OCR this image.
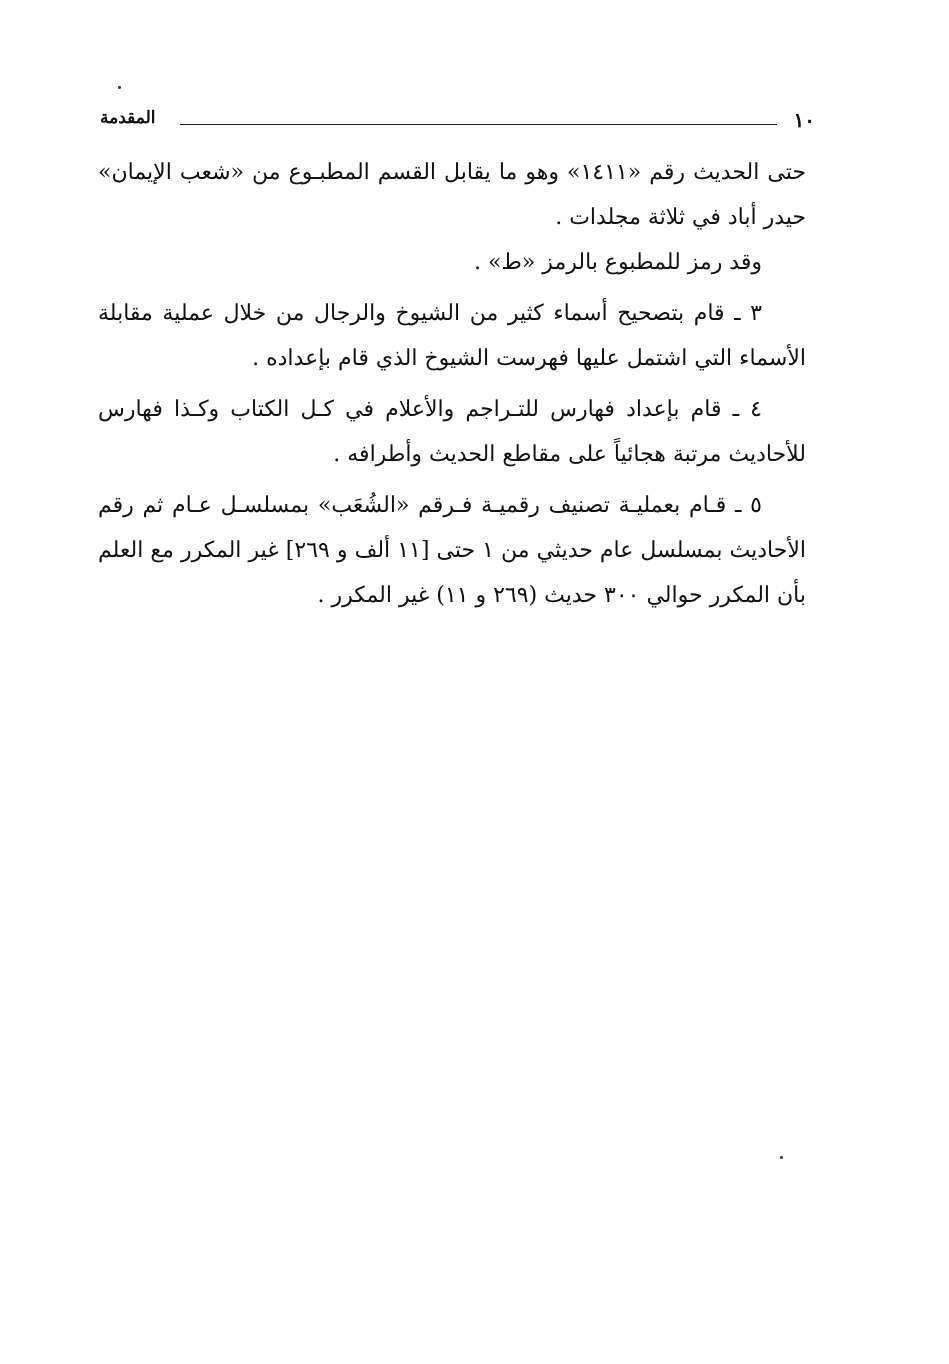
١٠
المقدمة

حتى الحديث رقم «١٤١١» وهو ما يقابل القسم المطبـوع من «شعب الإيمان» حيدر أباد في ثلاثة مجلدات .

وقد رمز للمطبوع بالرمز «ط» .

٣ ـ قام بتصحيح أسماء كثير من الشيوخ والرجال من خلال عملية مقابلة الأسماء التي اشتمل عليها فهرست الشيوخ الذي قام بإعداده .

٤ ـ قام بإعداد فهارس للتـراجم والأعلام في كـل الكتاب وكـذا فهارس للأحاديث مرتبة هجائياً على مقاطع الحديث وأطرافه .

٥ ـ قـام بعمليـة تصنيف رقميـة فـرقم «الشُعَب» بمسلسـل عـام ثم رقم الأحاديث بمسلسل عام حديثي من ١ حتى [١١ ألف و ٢٦٩] غير المكرر مع العلم بأن المكرر حوالي ٣٠٠ حديث (٢٦٩ و ١١) غير المكرر .
